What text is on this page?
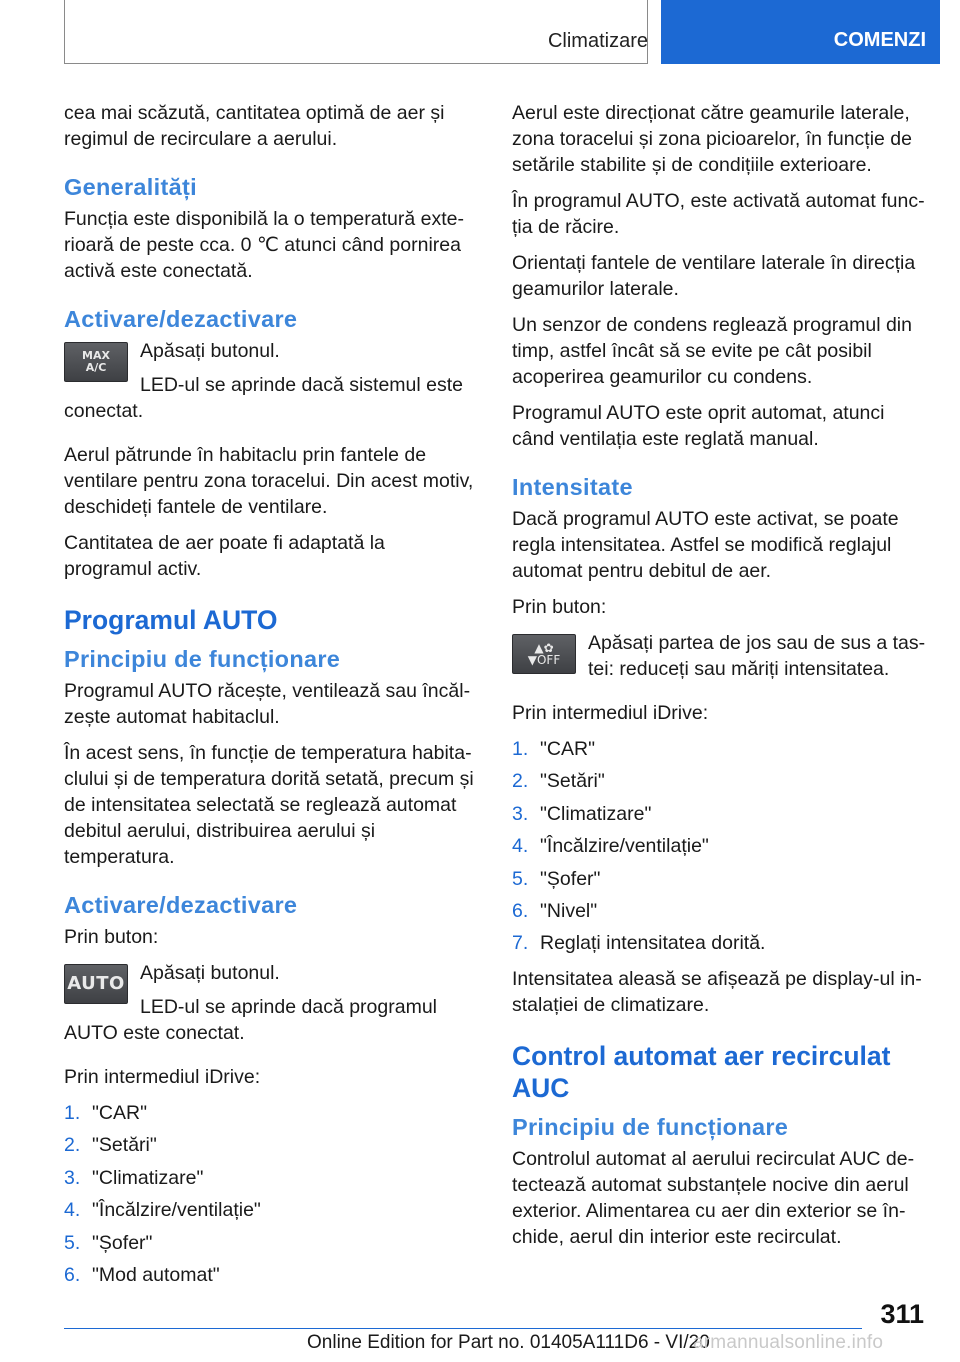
Climatizare	COMENZI

cea mai scăzută, cantitatea optimă de aer și regimul de recirculare a aerului.

Generalități

Funcția este disponibilă la o temperatură exterioară de peste cca. 0 ℃ atunci când pornirea activă este conectată.

Activare/dezactivare
MAX
A/C

Apăsați butonul.

LED-ul se aprinde dacă sistemul este conectat.

Aerul pătrunde în habitaclu prin fantele de ventilare pentru zona toracelui. Din acest motiv, deschideți fantele de ventilare.

Cantitatea de aer poate fi adaptată la programul activ.

Programul AUTO
Principiu de funcționare

Programul AUTO răcește, ventilează sau încălzește automat habitaclul.

În acest sens, în funcție de temperatura habitaclului și de temperatura dorită setată, precum și de intensitatea selectată se reglează automat debitul aerului, distribuirea aerului și temperatura.

Activare/dezactivare

Prin buton:

AUTO Apăsați butonul.

LED-ul se aprinde dacă programul AUTO este conectat.

Prin intermediul iDrive:

1. "CAR"
2. "Setări"
3. "Climatizare"
4. "Încălzire/ventilație"
5. "Șofer"
6. "Mod automat"

Aerul este direcționat către geamurile laterale, zona toracelui și zona picioarelor, în funcție de setările stabilite și de condițiile exterioare.

În programul AUTO, este activată automat funcția de răcire.

Orientați fantele de ventilare laterale în direcția geamurilor laterale.

Un senzor de condens reglează programul din timp, astfel încât să se evite pe cât posibil acoperirea geamurilor cu condens.

Programul AUTO este oprit automat, atunci când ventilația este reglată manual.

Intensitate

Dacă programul AUTO este activat, se poate regla intensitatea. Astfel se modifică reglajul automat pentru debitul de aer.

Prin buton:

▲✿
▼OFF

Apăsați partea de jos sau de sus a tastei: reduceți sau măriți intensitatea.

Prin intermediul iDrive:

1. "CAR"
2. "Setări"
3. "Climatizare"
4. "Încălzire/ventilație"
5. "Șofer"
6. "Nivel"
7. Reglați intensitatea dorită.

Intensitatea aleasă se afișează pe display-ul instalației de climatizare.

Control automat aer recirculat AUC
Principiu de funcționare

Controlul automat al aerului recirculat AUC detectează automat substanțele nocive din aerul exterior. Alimentarea cu aer din exterior se închide, aerul din interior este recirculat.

311
Online Edition for Part no. 01405A111D6 - VI/20
armannualsonline.info
